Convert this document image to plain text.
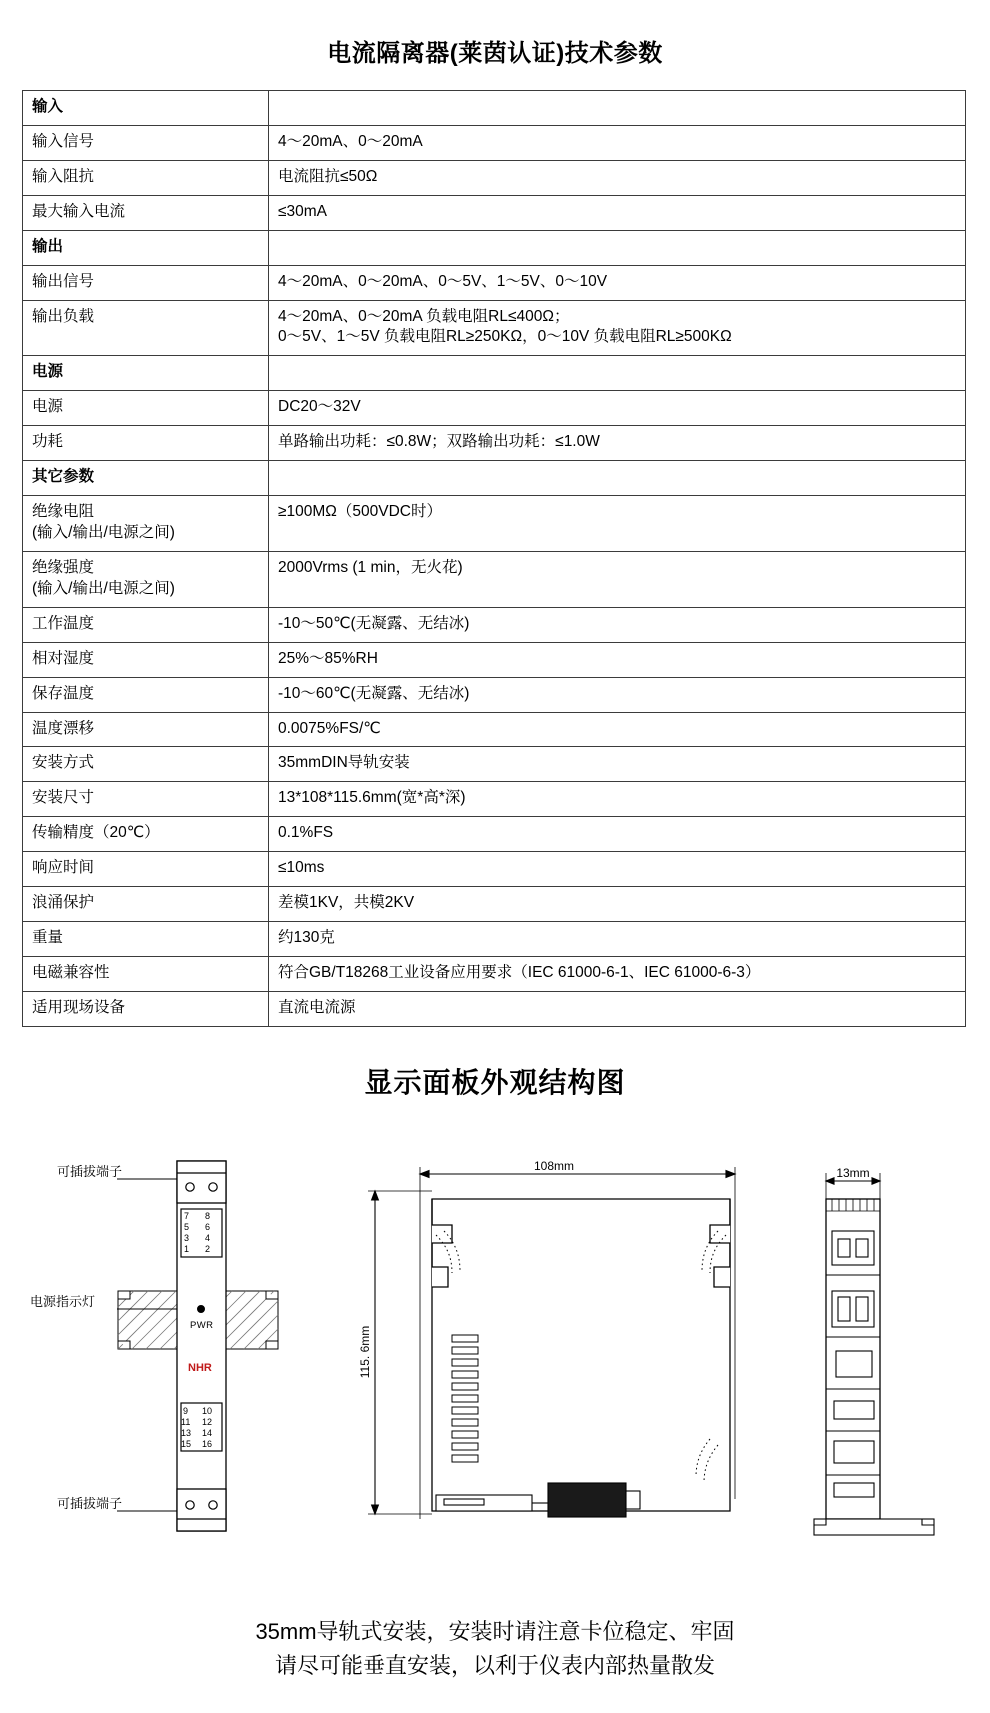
电流隔离器(莱茵认证)技术参数
输入	

输入信号	4～20mA、0～20mA

输入阻抗	电流阻抗≤50Ω

最大输入电流	≤30mA

输出	

输出信号	4～20mA、0～20mA、0～5V、1～5V、0～10V

输出负载	4～20mA、0～20mA 负载电阻RL≤400Ω；
0～5V、1～5V 负载电阻RL≥250KΩ，0～10V 负载电阻RL≥500KΩ

电源	

电源	DC20～32V

功耗	单路输出功耗：≤0.8W；双路输出功耗：≤1.0W

其它参数	

绝缘电阻
(输入/输出/电源之间)	≥100MΩ（500VDC时）

绝缘强度
(输入/输出/电源之间)	2000Vrms (1 min，无火花)

工作温度	-10～50℃(无凝露、无结冰)

相对湿度	25%～85%RH

保存温度	-10～60℃(无凝露、无结冰)

温度漂移	0.0075%FS/℃

安装方式	35mmDIN导轨安装

安装尺寸	13*108*115.6mm(宽*高*深)

传输精度（20℃）	0.1%FS

响应时间	≤10ms

浪涌保护	差模1KV，共模2KV

重量	约130克

电磁兼容性	符合GB/T18268工业设备应用要求（IEC 61000-6-1、IEC 61000-6-3）

适用现场设备	直流电流源
显示面板外观结构图
7 8
5 6
3 4
1 2
9 10
11 12
13 14
15 16
PWR
NHR
可插拔端子
电源指示灯
可插拔端子
108mm	13mm
115. 6mm
35mm导轨式安装，安装时请注意卡位稳定、牢固
请尽可能垂直安装，以利于仪表内部热量散发
